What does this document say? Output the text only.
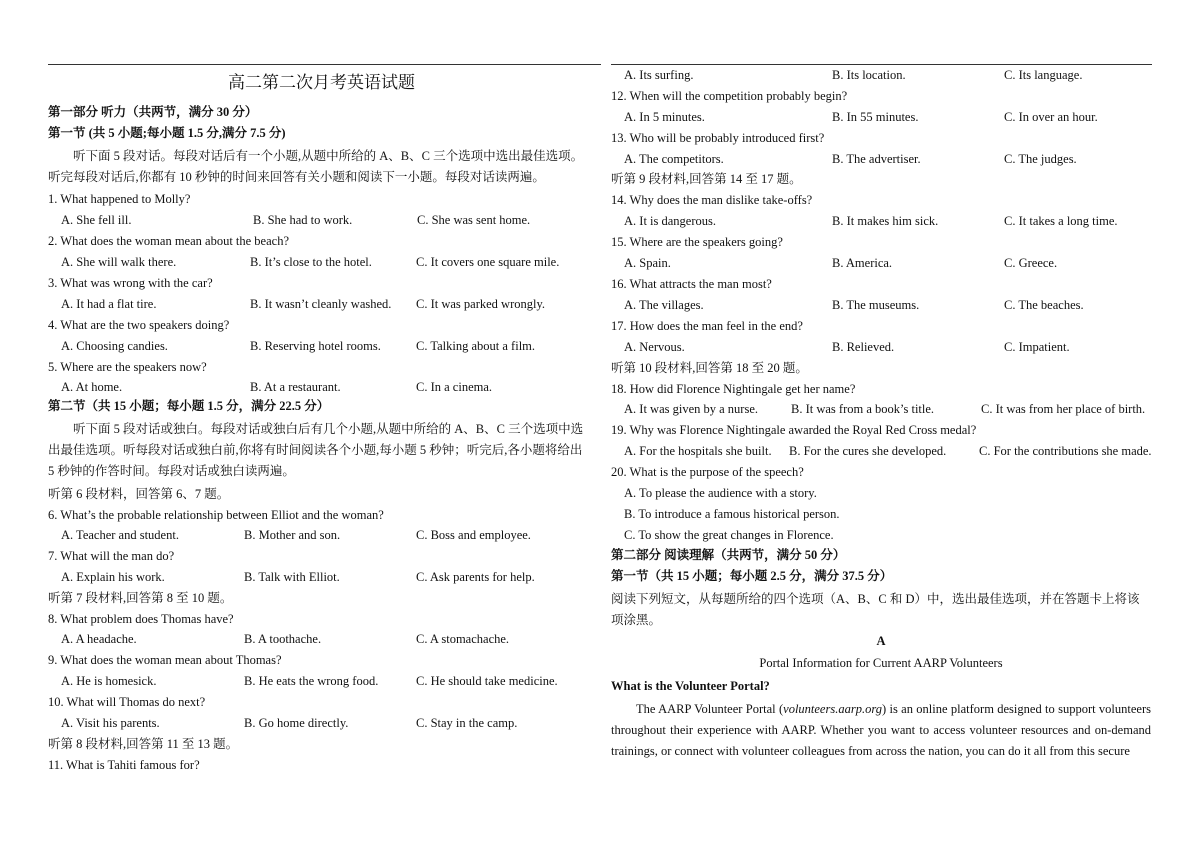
高二第二次月考英语试题
第一部分 听力（共两节，满分 30 分）
第一节 (共 5 小题;每小题 1.5 分,满分 7.5 分)
听下面 5 段对话。每段对话后有一个小题,从题中所给的 A、B、C 三个选项中选出最佳选项。听完每段对话后,你都有 10 秒钟的时间来回答有关小题和阅读下一小题。每段对话读两遍。
1. What happened to Molly?
A. She fell ill.	B. She had to work.	C. She was sent home.
2. What does the woman mean about the beach?
A. She will walk there.	B. It’s close to the hotel.	C. It covers one square mile.
3. What was wrong with the car?
A. It had a flat tire.	B. It wasn’t cleanly washed. C. It was parked wrongly.
4. What are the two speakers doing?
A. Choosing candies.	B. Reserving hotel rooms.	C. Talking about a film.
5. Where are the speakers now?
A. At home.	B. At a restaurant.	C. In a cinema.
第二节（共 15 小题；每小题 1.5 分，满分 22.5 分）
听下面 5 段对话或独白。每段对话或独白后有几个小题,从题中所给的 A、B、C 三个选项中选出最佳选项。听每段对话或独白前,你将有时间阅读各个小题,每小题 5 秒钟；听完后,各小题将给出 5 秒钟的作答时间。每段对话或独白读两遍。
听第 6 段材料，回答第 6、7 题。
6. What’s the probable relationship between Elliot and the woman?
A. Teacher and student.	B. Mother and son.	C. Boss and employee.
7. What will the man do?
A. Explain his work.	B. Talk with Elliot.	C. Ask parents for help.
听第 7 段材料,回答第 8 至 10 题。
8. What problem does Thomas have?
A. A headache.	B. A toothache.	C. A stomachache.
9. What does the woman mean about Thomas?
A. He is homesick.	B. He eats the wrong food.	C. He should take medicine.
10. What will Thomas do next?
A. Visit his parents.	B. Go home directly.	C. Stay in the camp.
听第 8 段材料,回答第 11 至 13 题。
11. What is Tahiti famous for?
A. Its surfing.	B. Its location.	C. Its language.
12. When will the competition probably begin?
A. In 5 minutes.	B. In 55 minutes.	C. In over an hour.
13. Who will be probably introduced first?
A. The competitors.	B. The advertiser.	C. The judges.
听第 9 段材料,回答第 14 至 17 题。
14. Why does the man dislike take-offs?
A. It is dangerous.	B. It makes him sick.	C. It takes a long time.
15. Where are the speakers going?
A. Spain.	B. America.	C. Greece.
16. What attracts the man most?
A. The villages.	B. The museums.	C. The beaches.
17. How does the man feel in the end?
A. Nervous.	B. Relieved.	C. Impatient.
听第 10 段材料,回答第 18 至 20 题。
18. How did Florence Nightingale get her name?
A. It was given by a nurse.	B. It was from a book’s title.	C. It was from her place of birth.
19. Why was Florence Nightingale awarded the Royal Red Cross medal?
A. For the hospitals she built. B. For the cures she developed.	C. For the contributions she made.
20. What is the purpose of the speech?
A. To please the audience with a story.
B. To introduce a famous historical person.
C. To show the great changes in Florence.
第二部分 阅读理解（共两节，满分 50 分）
第一节（共 15 小题；每小题 2.5 分，满分 37.5 分）
阅读下列短文，从每题所给的四个选项（A、B、C 和 D）中，选出最佳选项，并在答题卡上将该项涂黑。
A
Portal Information for Current AARP Volunteers
What is the Volunteer Portal?
The AARP Volunteer Portal (volunteers.aarp.org) is an online platform designed to support volunteers throughout their experience with AARP. Whether you want to access volunteer resources and on-demand trainings, or connect with volunteer colleagues from across the nation, you can do it all from this secure
